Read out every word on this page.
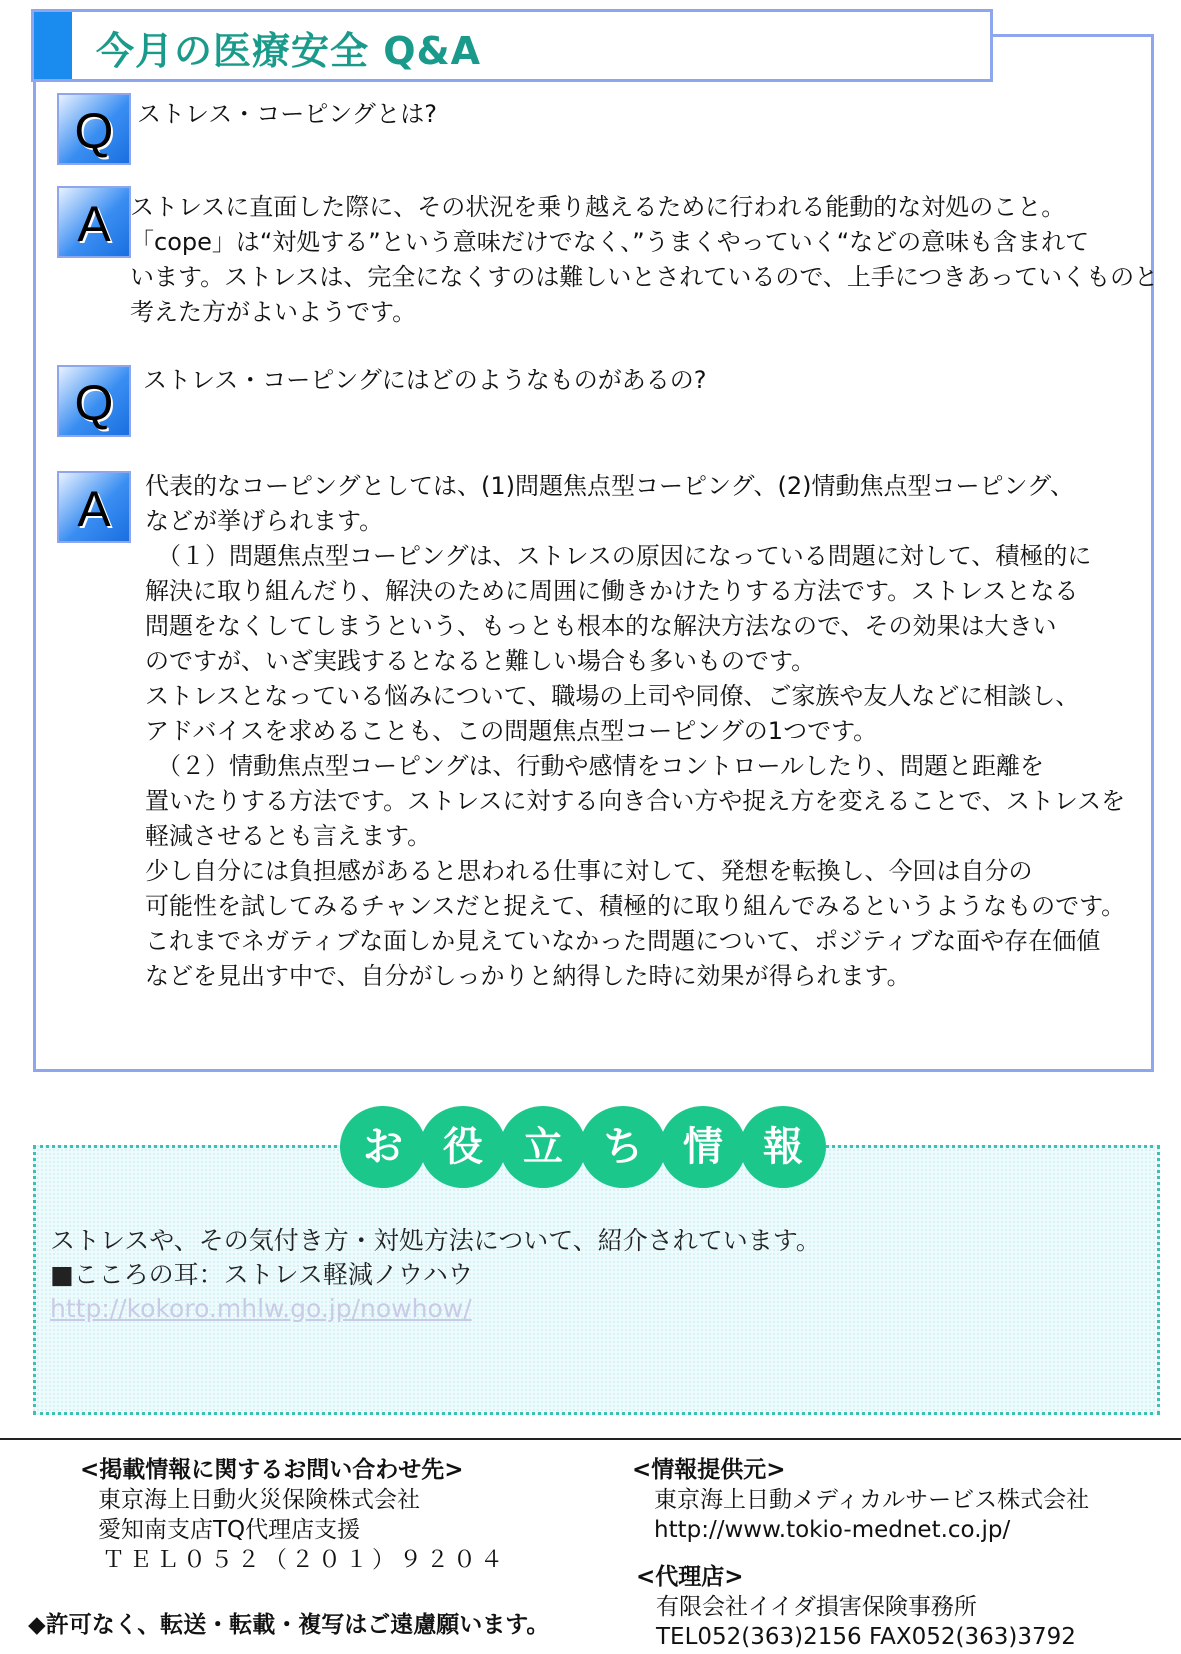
今月の医療安全 Q&A
Q ストレス・コーピングとは?
A ストレスに直面した際に、その状況を乗り越えるために行われる能動的な対処のこと。
「cope」は“対処する”という意味だけでなく、”うまくやっていく“などの意味も含まれて
います。ストレスは、完全になくすのは難しいとされているので、上手につきあっていくものと
考えた方がよいようです。
Q	ストレス・コーピングにはどのようなものがあるの?
A	代表的なコーピングとしては、(1)問題焦点型コーピング、(2)情動焦点型コーピング、
などが挙げられます。
（１）問題焦点型コーピングは、ストレスの原因になっている問題に対して、積極的に
解決に取り組んだり、解決のために周囲に働きかけたりする方法です。ストレスとなる
問題をなくしてしまうという、もっとも根本的な解決方法なので、その効果は大きい
のですが、いざ実践するとなると難しい場合も多いものです。
ストレスとなっている悩みについて、職場の上司や同僚、ご家族や友人などに相談し、
アドバイスを求めることも、この問題焦点型コーピングの1つです。
（２）情動焦点型コーピングは、行動や感情をコントロールしたり、問題と距離を
置いたりする方法です。ストレスに対する向き合い方や捉え方を変えることで、ストレスを
軽減させるとも言えます。
少し自分には負担感があると思われる仕事に対して、発想を転換し、今回は自分の
可能性を試してみるチャンスだと捉えて、積極的に取り組んでみるというようなものです。
これまでネガティブな面しか見えていなかった問題について、ポジティブな面や存在価値
などを見出す中で、自分がしっかりと納得した時に効果が得られます。
お	役	立	ち	情	報
ストレスや、その気付き方・対処方法について、紹介されています。
■こころの耳：ストレス軽減ノウハウ
http://kokoro.mhlw.go.jp/nowhow/
<掲載情報に関するお問い合わせ先>
東京海上日動火災保険株式会社
愛知南支店TQ代理店支援
ＴＥＬ０５２（２０１）９２０４
◆許可なく、転送・転載・複写はご遠慮願います。
<情報提供元>
東京海上日動メディカルサービス株式会社
http://www.tokio-mednet.co.jp/
<代理店>
有限会社イイダ損害保険事務所
TEL052(363)2156 FAX052(363)3792
